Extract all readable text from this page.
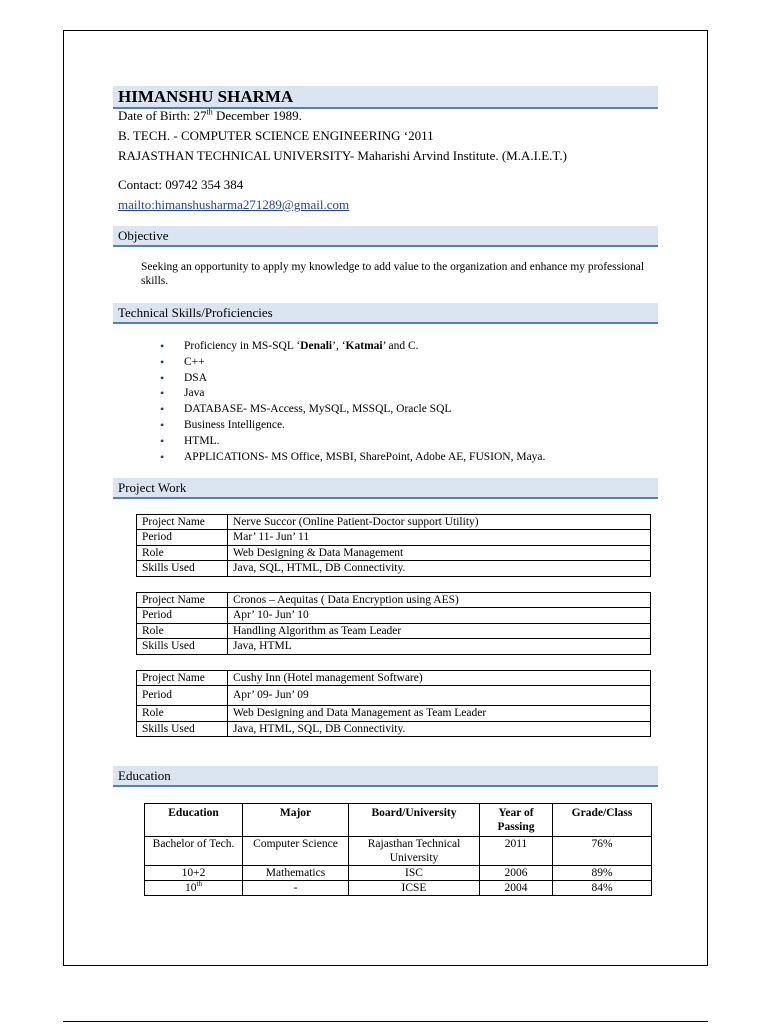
HIMANSHU SHARMA
Date of Birth: 27th December 1989.
B. TECH. - COMPUTER SCIENCE ENGINEERING ‘2011
RAJASTHAN TECHNICAL UNIVERSITY- Maharishi Arvind Institute. (M.A.I.E.T.)
Contact: 09742 354 384
mailto:himanshusharma271289@gmail.com
Objective
Seeking an opportunity to apply my knowledge to add value to the organization and enhance my professional skills.
Technical Skills/Proficiencies
• Proficiency in MS-SQL ‘Denali’, ‘Katmai’ and C.
• C++
• DSA
• Java
• DATABASE- MS-Access, MySQL, MSSQL, Oracle SQL
• Business Intelligence.
• HTML.
• APPLICATIONS- MS Office, MSBI, SharePoint, Adobe AE, FUSION, Maya.
Project Work
Project Name	Nerve Succor (Online Patient-Doctor support Utility)
Period	Mar’ 11- Jun’ 11
Role	Web Designing & Data Management
Skills Used	Java, SQL, HTML, DB Connectivity.
Project Name	Cronos – Aequitas ( Data Encryption using AES)
Period	Apr’ 10- Jun’ 10
Role	Handling Algorithm as Team Leader
Skills Used	Java, HTML
Project Name	Cushy Inn (Hotel management Software)
Period	Apr’ 09- Jun’ 09
Role	Web Designing and Data Management as Team Leader
Skills Used	Java, HTML, SQL, DB Connectivity.
Education
Education	Major	Board/University	Year of Passing	Grade/Class
Bachelor of Tech.	Computer Science	Rajasthan Technical University	2011	76%
10+2	Mathematics	ISC	2006	89%
10th	-	ICSE	2004	84%
